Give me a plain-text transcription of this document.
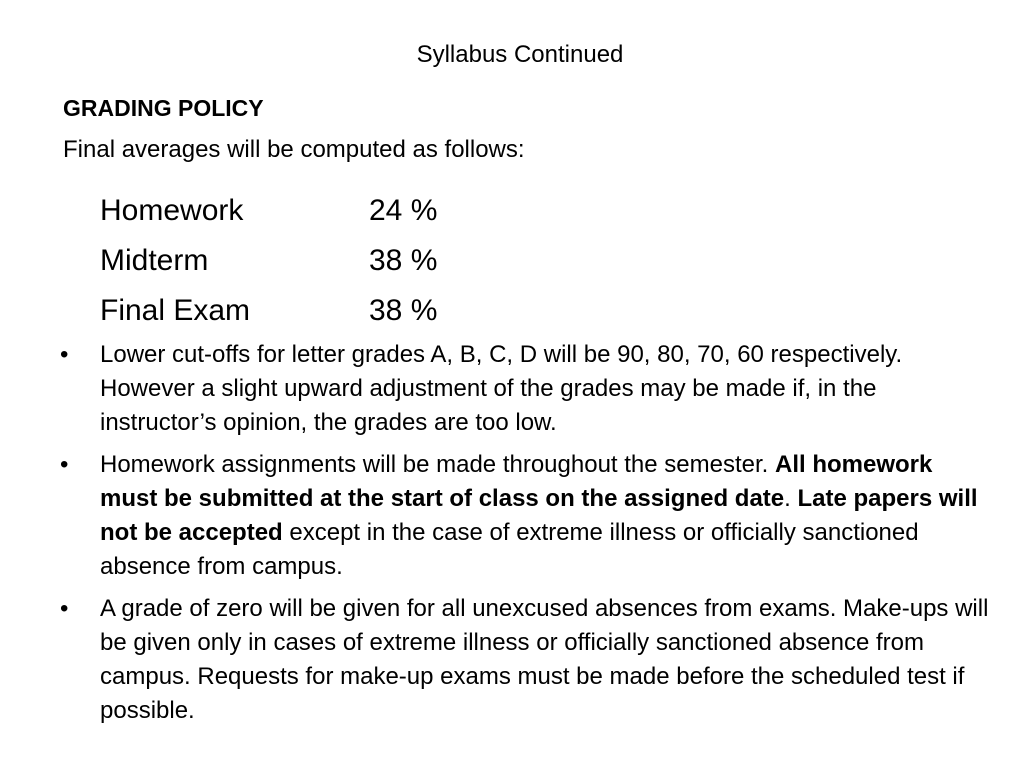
Syllabus Continued
GRADING POLICY
Final averages will be computed as follows:
Homework	24 %
Midterm	38 %
Final Exam	38 %
• Lower cut-offs for letter grades A, B, C, D will be 90, 80, 70, 60 respectively. However a slight upward adjustment of the grades may be made if, in the instructor’s opinion, the grades are too low.
• Homework assignments will be made throughout the semester. All homework must be submitted at the start of class on the assigned date. Late papers will not be accepted except in the case of extreme illness or officially sanctioned absence from campus.
• A grade of zero will be given for all unexcused absences from exams. Make-ups will be given only in cases of extreme illness or officially sanctioned absence from campus. Requests for make-up exams must be made before the scheduled test if possible.
